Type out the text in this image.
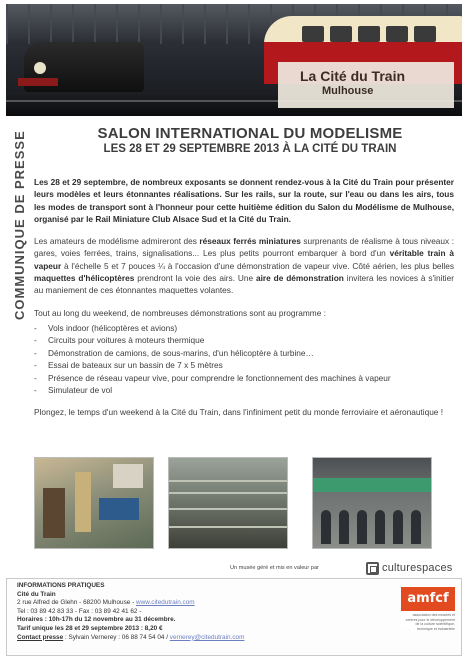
La Cité du Train
Mulhouse
COMMUNIQUE DE PRESSE	SALON INTERNATIONAL DU MODELISME
LES 28 ET 29 SEPTEMBRE 2013 À LA CITÉ DU TRAIN

Les 28 et 29 septembre, de nombreux exposants se donnent rendez-vous à la Cité du Train pour présenter leurs modèles et leurs étonnantes réalisations. Sur les rails, sur la route, sur l'eau ou dans les airs, tous les modes de transport sont à l'honneur pour cette huitième édition du Salon du Modélisme de Mulhouse, organisé par le Rail Miniature Club Alsace Sud et la Cité du Train.

Les amateurs de modélisme admireront des réseaux ferrés miniatures surprenants de réalisme à tous niveaux : gares, voies ferrées, trains, signalisations... Les plus petits pourront embarquer à bord d'un véritable train à vapeur à l'échelle 5 et 7 pouces ¼ à l'occasion d'une démonstration de vapeur vive. Côté aérien, les plus belles maquettes d'hélicoptères prendront la voie des airs. Une aire de démonstration invitera les novices à s'initier au maniement de ces étonnantes maquettes volantes.

Tout au long du weekend, de nombreuses démonstrations sont au programme :

- Vols indoor (hélicoptères et avions)
- Circuits pour voitures à moteurs thermique
- Démonstration de camions, de sous-marins, d'un hélicoptère à turbine…
- Essai de bateaux sur un bassin de 7 x 5 mètres
- Présence de réseau vapeur vive, pour comprendre le fonctionnement des machines à vapeur
- Simulateur de vol

Plongez, le temps d'un weekend à la Cité du Train, dans l'infiniment petit du monde ferroviaire et aéronautique !

Un musée géré et mis en valeur par	culturespaces
INFORMATIONS PRATIQUES
Cité du Train
2 rue Alfred de Glehn - 68200 Mulhouse - www.citedutrain.com
Tel : 03 89 42 83 33 - Fax : 03 89 42 41 62 -
Horaires : 10h-17h du 12 novembre au 31 décembre.
Tarif unique les 28 et 29 septembre 2013 : 8,20 €
Contact presse : Sylvain Vernerey : 06 88 74 54 04 / vernerey@citedutrain.com
amfcf
association des musées et centres pour le développement de la culture scientifique, technique et industrielle
